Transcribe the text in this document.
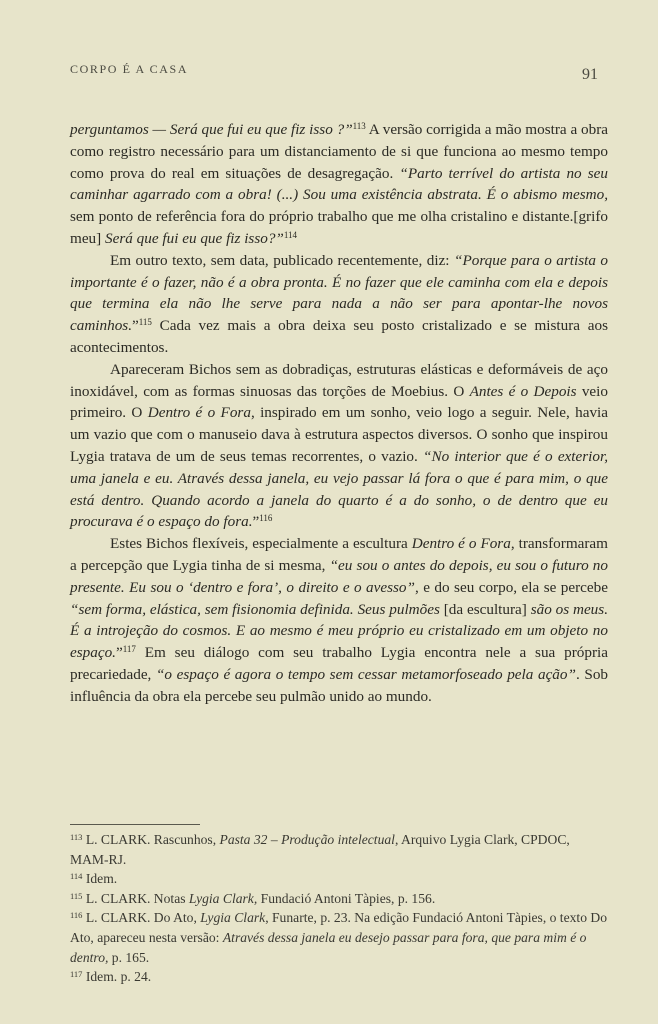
CORPO É A CASA	91

perguntamos — Será que fui eu que fiz isso ?”$^{113}$ A versão corrigida a mão mostra a obra como registro necessário para um distanciamento de si que funciona ao mesmo tempo como prova do real em situações de desagregação. “Parto terrível do artista no seu caminhar agarrado com a obra! (...) Sou uma existência abstrata. É o abismo mesmo, sem ponto de referência fora do próprio trabalho que me olha cristalino e distante.[grifo meu] Será que fui eu que fiz isso?”$^{114}$

Em outro texto, sem data, publicado recentemente, diz: “Porque para o artista o importante é o fazer, não é a obra pronta. É no fazer que ele caminha com ela e depois que termina ela não lhe serve para nada a não ser para apontar-lhe novos caminhos.”$^{115}$ Cada vez mais a obra deixa seu posto cristalizado e se mistura aos acontecimentos.

Apareceram Bichos sem as dobradiças, estruturas elásticas e deformáveis de aço inoxidável, com as formas sinuosas das torções de Moebius. O Antes é o Depois veio primeiro. O Dentro é o Fora, inspirado em um sonho, veio logo a seguir. Nele, havia um vazio que com o manuseio dava à estrutura aspectos diversos. O sonho que inspirou Lygia tratava de um de seus temas recorrentes, o vazio. “No interior que é o exterior, uma janela e eu. Através dessa janela, eu vejo passar lá fora o que é para mim, o que está dentro. Quando acordo a janela do quarto é a do sonho, o de dentro que eu procurava é o espaço do fora.”$^{116}$

Estes Bichos flexíveis, especialmente a escultura Dentro é o Fora, transformaram a percepção que Lygia tinha de si mesma, “eu sou o antes do depois, eu sou o futuro no presente. Eu sou o ‘dentro e fora’, o direito e o avesso”, e do seu corpo, ela se percebe “sem forma, elástica, sem fisionomia definida. Seus pulmões [da escultura] são os meus. É a introjeção do cosmos. E ao mesmo é meu próprio eu cristalizado em um objeto no espaço.”$^{117}$ Em seu diálogo com seu trabalho Lygia encontra nele a sua própria precariedade, “o espaço é agora o tempo sem cessar metamorfoseado pela ação”. Sob influência da obra ela percebe seu pulmão unido ao mundo.

$^{113}$ L. CLARK. Rascunhos, Pasta 32 – Produção intelectual, Arquivo Lygia Clark, CPDOC, MAM-RJ.

$^{114}$ Idem.

$^{115}$ L. CLARK. Notas Lygia Clark, Fundació Antoni Tàpies, p. 156.

$^{116}$ L. CLARK. Do Ato, Lygia Clark, Funarte, p. 23. Na edição Fundació Antoni Tàpies, o texto Do Ato, apareceu nesta versão: Através dessa janela eu desejo passar para fora, que para mim é o dentro, p. 165.

$^{117}$ Idem. p. 24.
